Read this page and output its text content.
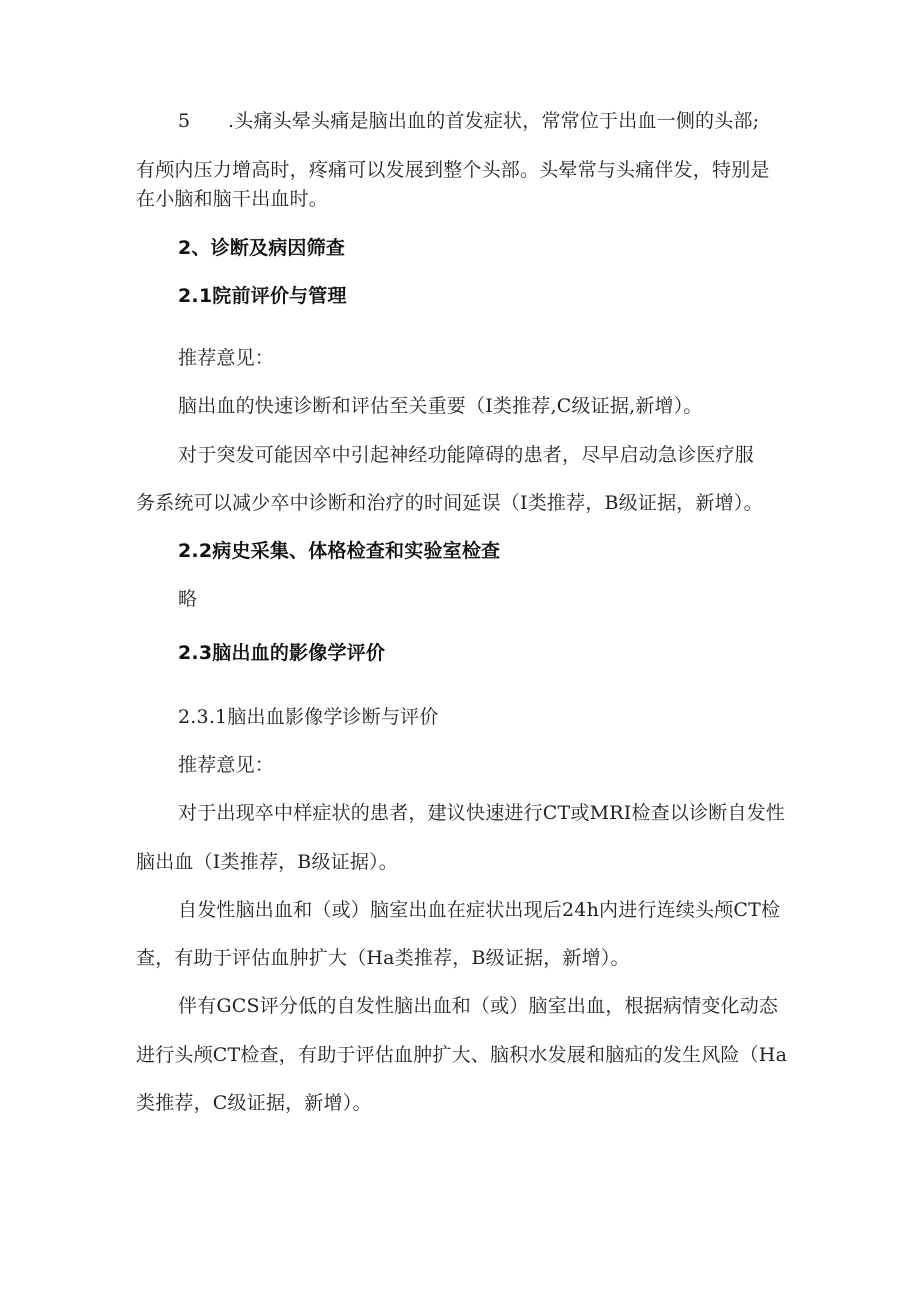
5 .头痛头晕头痛是脑出血的首发症状，常常位于出血一侧的头部;
有颅内压力增高时，疼痛可以发展到整个头部。头晕常与头痛伴发，特别是
在小脑和脑干出血时。
2、诊断及病因筛查
2.1院前评价与管理
推荐意见：
脑出血的快速诊断和评估至关重要（I类推荐,C级证据,新增）。
对于突发可能因卒中引起神经功能障碍的患者，尽早启动急诊医疗服
务系统可以减少卒中诊断和治疗的时间延误（I类推荐，B级证据，新增）。
2.2病史采集、体格检查和实验室检查
略
2.3脑出血的影像学评价
2.3.1脑出血影像学诊断与评价
推荐意见：
对于出现卒中样症状的患者，建议快速进行CT或MRI检查以诊断自发性
脑出血（I类推荐，B级证据）。
自发性脑出血和（或）脑室出血在症状出现后24h内进行连续头颅CT检
查，有助于评估血肿扩大（Ha类推荐，B级证据，新增）。
伴有GCS评分低的自发性脑出血和（或）脑室出血，根据病情变化动态
进行头颅CT检查，有助于评估血肿扩大、脑积水发展和脑疝的发生风险（Ha
类推荐，C级证据，新增）。
